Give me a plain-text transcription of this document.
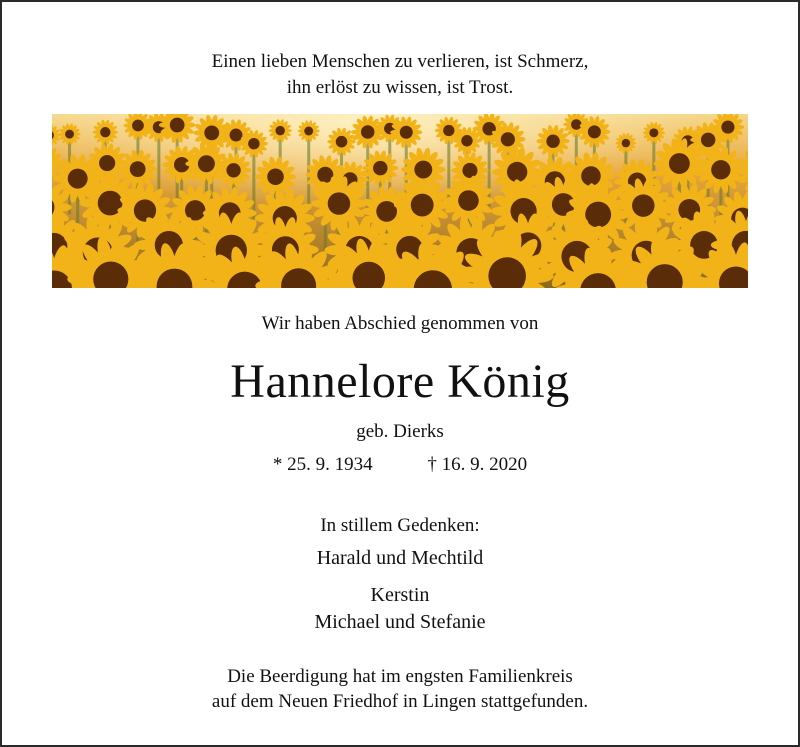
Einen lieben Menschen zu verlieren, ist Schmerz,
ihn erlöst zu wissen, ist Trost.
Wir haben Abschied genommen von
Hannelore König
geb. Dierks
* 25. 9. 1934	† 16. 9. 2020
In stillem Gedenken:
Harald und Mechtild
Kerstin
Michael und Stefanie
Die Beerdigung hat im engsten Familienkreis
auf dem Neuen Friedhof in Lingen stattgefunden.
